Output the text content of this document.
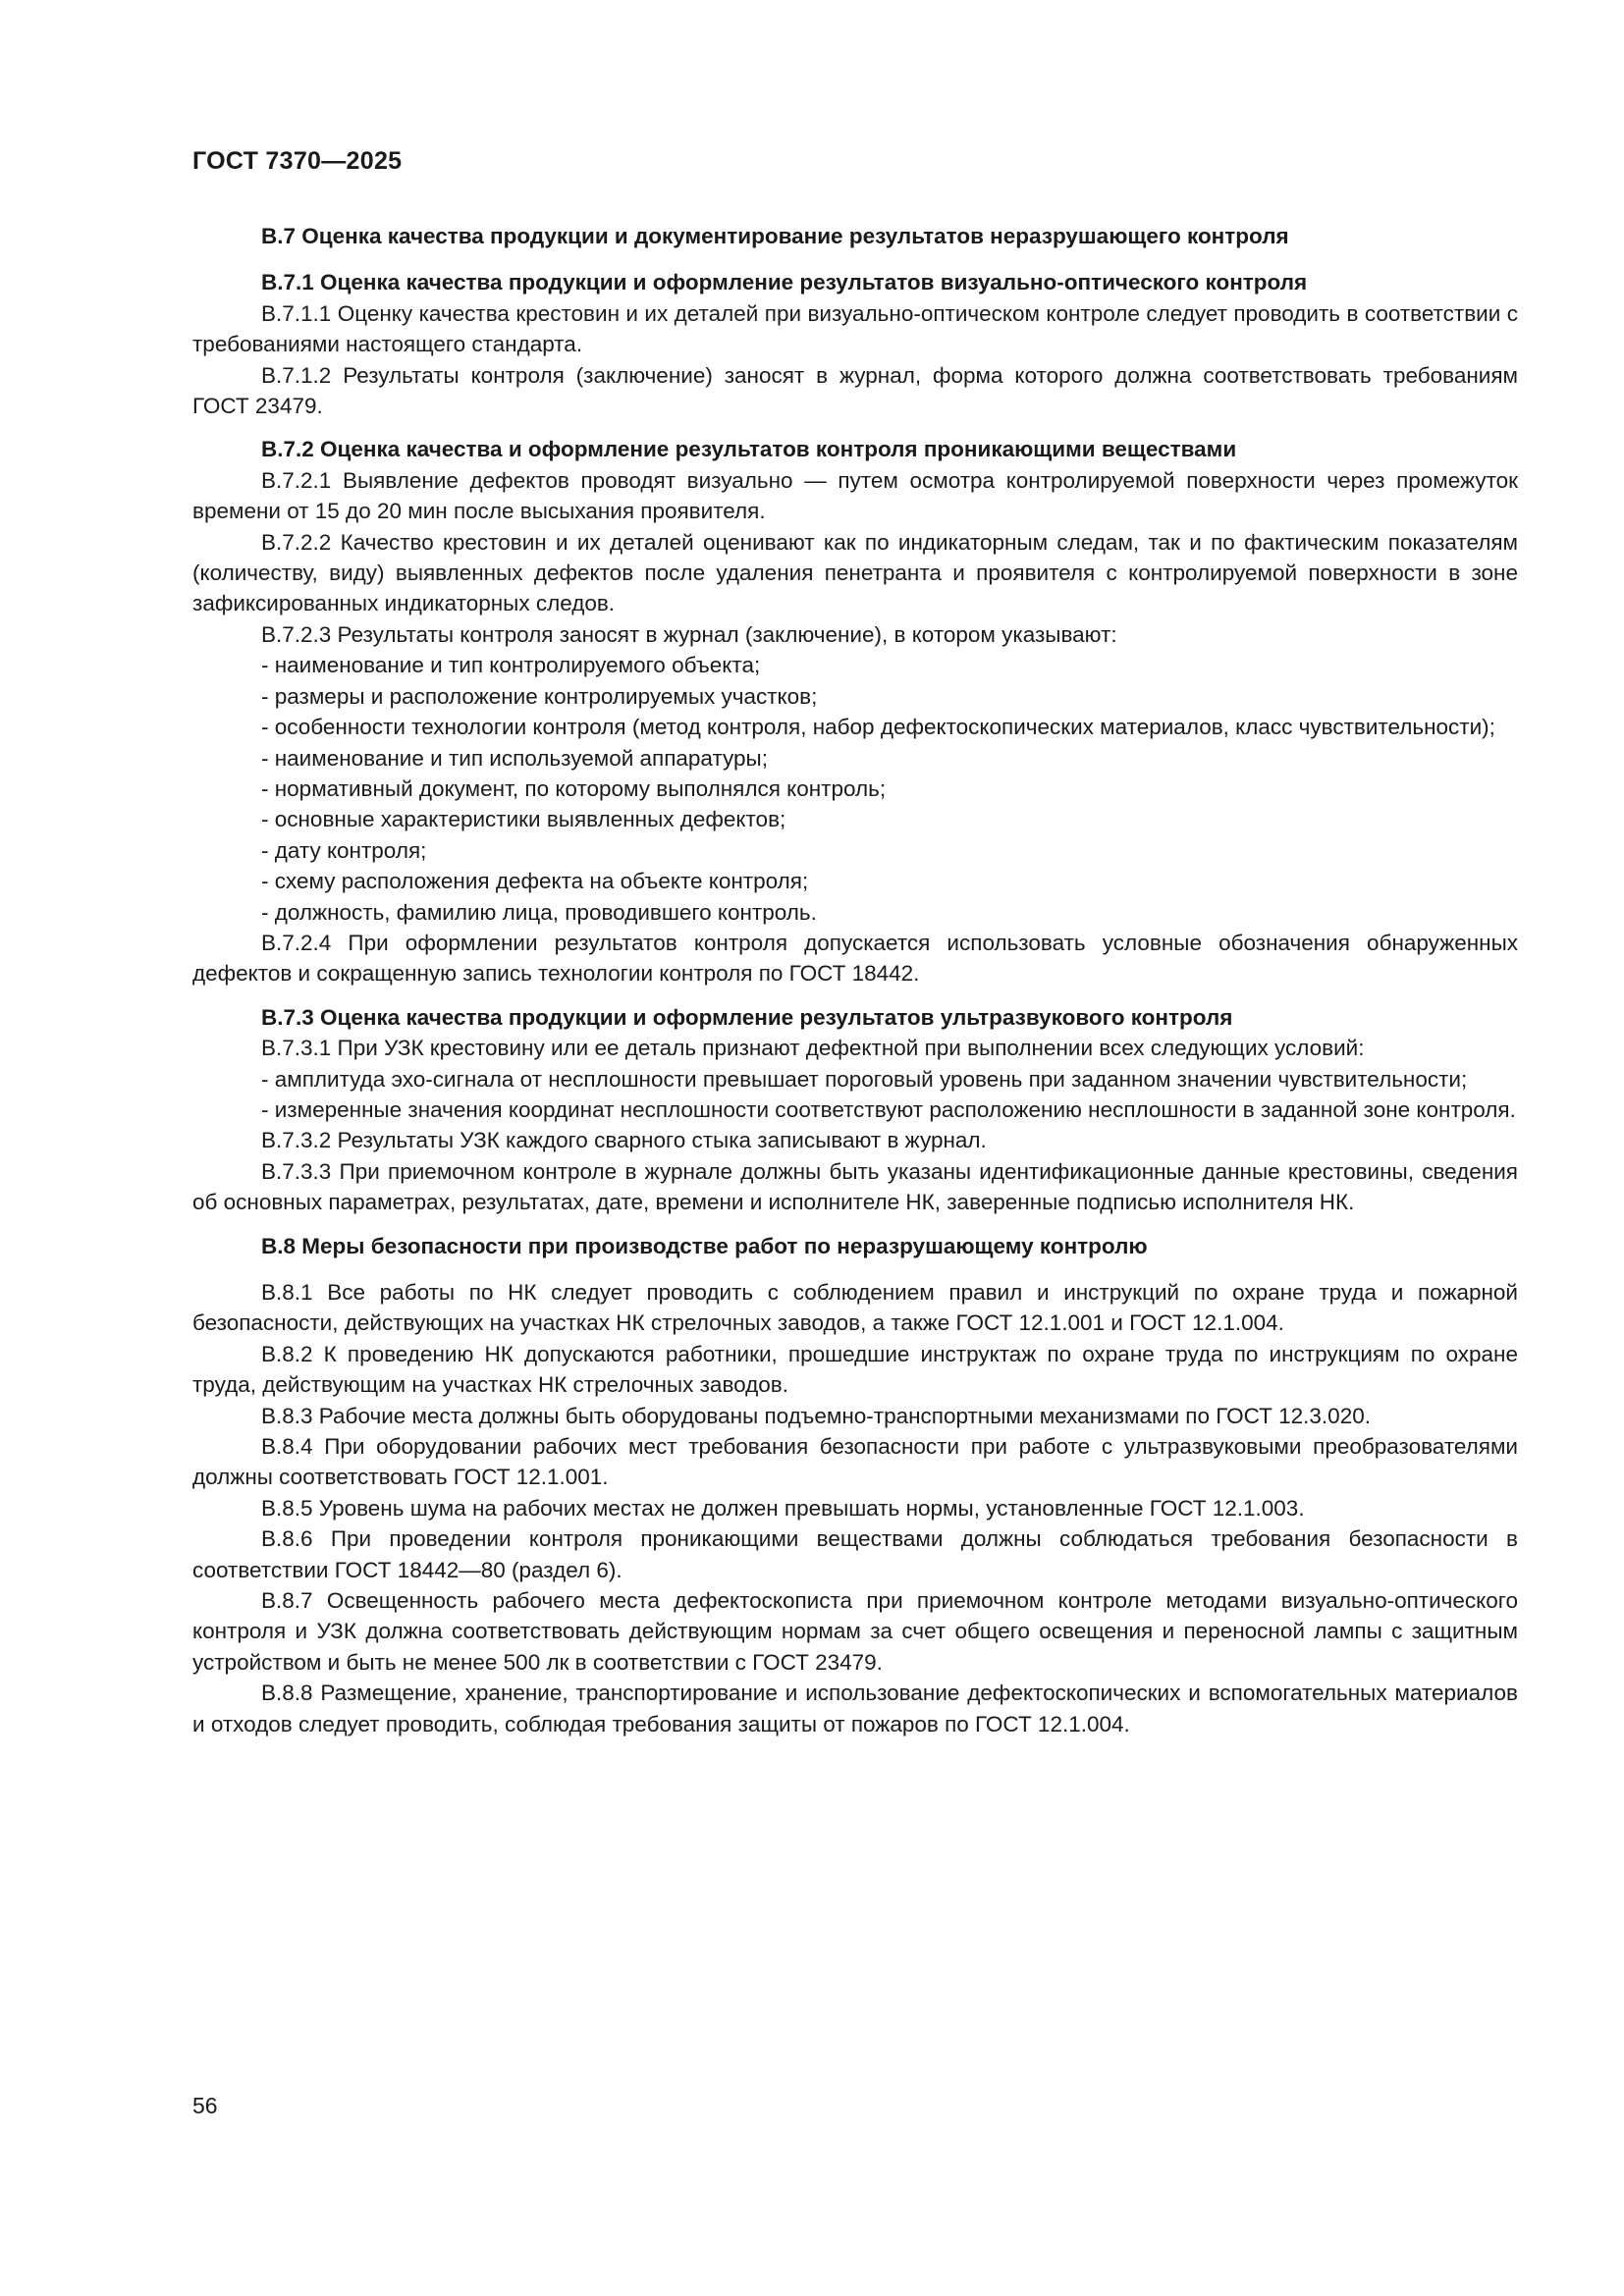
ГОСТ 7370—2025
В.7 Оценка качества продукции и документирование результатов неразрушающего контроля
В.7.1 Оценка качества продукции и оформление результатов визуально-оптического контроля

В.7.1.1 Оценку качества крестовин и их деталей при визуально-оптическом контроле следует проводить в соответствии с требованиями настоящего стандарта.

В.7.1.2 Результаты контроля (заключение) заносят в журнал, форма которого должна соответствовать требованиям ГОСТ 23479.

В.7.2 Оценка качества и оформление результатов контроля проникающими веществами

В.7.2.1 Выявление дефектов проводят визуально — путем осмотра контролируемой поверхности через промежуток времени от 15 до 20 мин после высыхания проявителя.

В.7.2.2 Качество крестовин и их деталей оценивают как по индикаторным следам, так и по фактическим показателям (количеству, виду) выявленных дефектов после удаления пенетранта и проявителя с контролируемой поверхности в зоне зафиксированных индикаторных следов.

В.7.2.3 Результаты контроля заносят в журнал (заключение), в котором указывают:

- наименование и тип контролируемого объекта;

- размеры и расположение контролируемых участков;

- особенности технологии контроля (метод контроля, набор дефектоскопических материалов, класс чувствительности);

- наименование и тип используемой аппаратуры;

- нормативный документ, по которому выполнялся контроль;

- основные характеристики выявленных дефектов;

- дату контроля;

- схему расположения дефекта на объекте контроля;

- должность, фамилию лица, проводившего контроль.

В.7.2.4 При оформлении результатов контроля допускается использовать условные обозначения обнаруженных дефектов и сокращенную запись технологии контроля по ГОСТ 18442.

В.7.3 Оценка качества продукции и оформление результатов ультразвукового контроля

В.7.3.1 При УЗК крестовину или ее деталь признают дефектной при выполнении всех следующих условий:

- амплитуда эхо-сигнала от несплошности превышает пороговый уровень при заданном значении чувствительности;

- измеренные значения координат несплошности соответствуют расположению несплошности в заданной зоне контроля.

В.7.3.2 Результаты УЗК каждого сварного стыка записывают в журнал.

В.7.3.3 При приемочном контроле в журнале должны быть указаны идентификационные данные крестовины, сведения об основных параметрах, результатах, дате, времени и исполнителе НК, заверенные подписью исполнителя НК.

В.8 Меры безопасности при производстве работ по неразрушающему контролю

В.8.1 Все работы по НК следует проводить с соблюдением правил и инструкций по охране труда и пожарной безопасности, действующих на участках НК стрелочных заводов, а также ГОСТ 12.1.001 и ГОСТ 12.1.004.

В.8.2 К проведению НК допускаются работники, прошедшие инструктаж по охране труда по инструкциям по охране труда, действующим на участках НК стрелочных заводов.

В.8.3 Рабочие места должны быть оборудованы подъемно-транспортными механизмами по ГОСТ 12.3.020.

В.8.4 При оборудовании рабочих мест требования безопасности при работе с ультразвуковыми преобразователями должны соответствовать ГОСТ 12.1.001.

В.8.5 Уровень шума на рабочих местах не должен превышать нормы, установленные ГОСТ 12.1.003.

В.8.6 При проведении контроля проникающими веществами должны соблюдаться требования безопасности в соответствии ГОСТ 18442—80 (раздел 6).

В.8.7 Освещенность рабочего места дефектоскописта при приемочном контроле методами визуально-оптического контроля и УЗК должна соответствовать действующим нормам за счет общего освещения и переносной лампы с защитным устройством и быть не менее 500 лк в соответствии с ГОСТ 23479.

В.8.8 Размещение, хранение, транспортирование и использование дефектоскопических и вспомогательных материалов и отходов следует проводить, соблюдая требования защиты от пожаров по ГОСТ 12.1.004.

56
